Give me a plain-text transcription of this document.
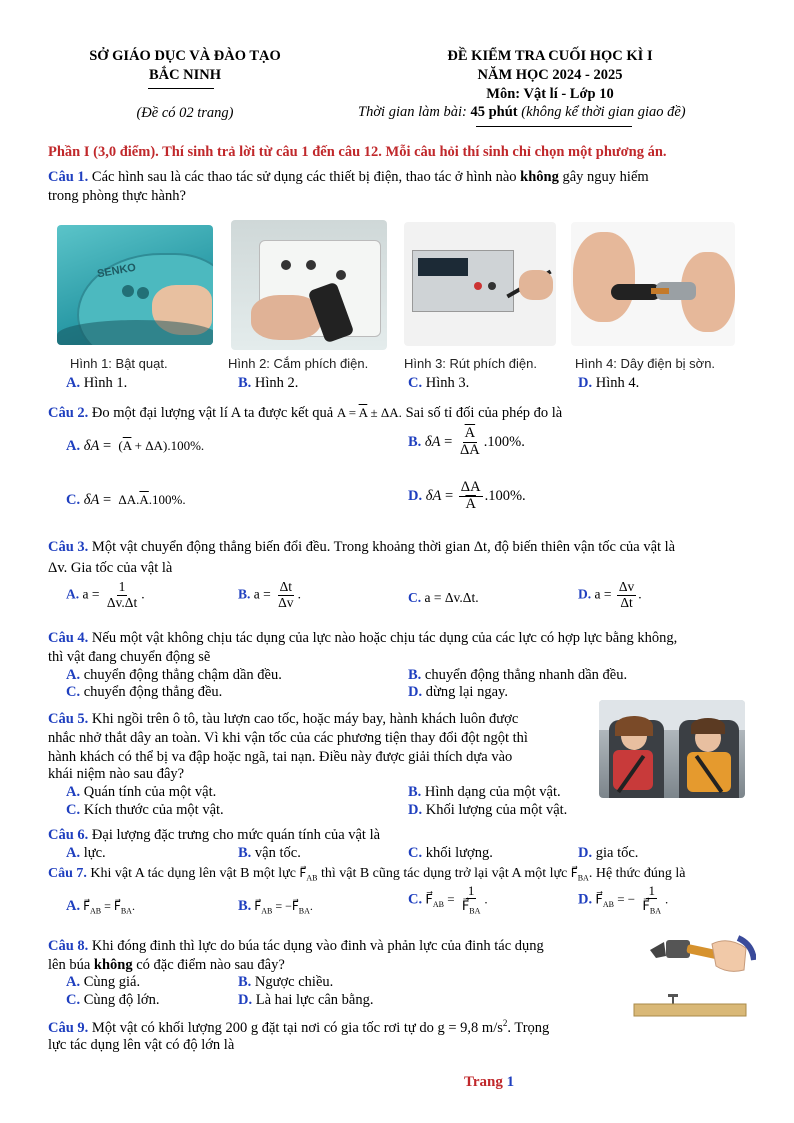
SỞ GIÁO DỤC VÀ ĐÀO TẠO
BẮC NINH
(Đề có 02 trang)
ĐỀ KIỂM TRA CUỐI HỌC KÌ I
NĂM HỌC 2024 - 2025
Môn: Vật lí - Lớp 10
Thời gian làm bài: 45 phút (không kể thời gian giao đề)
Phần I (3,0 điểm). Thí sinh trả lời từ câu 1 đến câu 12. Mỗi câu hỏi thí sinh chỉ chọn một phương án.
Câu 1. Các hình sau là các thao tác sử dụng các thiết bị điện, thao tác ở hình nào không gây nguy hiểm
trong phòng thực hành?
SENKO
Hình 1: Bật quạt.	Hình 2: Cắm phích điện.	Hình 3: Rút phích điện.	Hình 4: Dây điện bị sờn.
A. Hình 1.	B. Hình 2.	C. Hình 3.	D. Hình 4.
Câu 2. Đo một đại lượng vật lí A ta được kết quả $A = \overline{A} \pm \Delta A$. Sai số tỉ đối của phép đo là
A. $\delta A = (\overline{A} + \Delta A).100\%$.	B. $\delta A = \frac{\overline{A}}{\Delta A} .100\%$.
C. $\delta A = \Delta A.\overline{A}.100\%$.	D. $\delta A = \frac{\Delta A}{A} .100\%$.
Câu 3. Một vật chuyển động thẳng biến đổi đều. Trong khoảng thời gian Δt, độ biến thiên vận tốc của vật là
Δv. Gia tốc của vật là
A. $a = \frac{1}{\Delta v.\Delta t}$ .	B. $a = \frac{\Delta t}{\Delta v}$ .	C. a = Δv.Δt.	D. $a = \frac{\Delta v}{\Delta t}$ .
Câu 4. Nếu một vật không chịu tác dụng của lực nào hoặc chịu tác dụng của các lực có hợp lực bằng không,
thì vật đang chuyển động sẽ
A. chuyển động thẳng chậm dần đều.	B. chuyển động thẳng nhanh dần đều.
C. chuyển động thẳng đều.	D. dừng lại ngay.
Câu 5. Khi ngồi trên ô tô, tàu lượn cao tốc, hoặc máy bay, hành khách luôn được
nhắc nhở thắt dây an toàn. Vì khi vận tốc của các phương tiện thay đổi đột ngột thì
hành khách có thể bị va đập hoặc ngã, tai nạn. Điều này được giải thích dựa vào
khái niệm nào sau đây?
A. Quán tính của một vật.	B. Hình dạng của một vật.
C. Kích thước của một vật.	D. Khối lượng của một vật.
Câu 6. Đại lượng đặc trưng cho mức quán tính của vật là
A. lực.	B. vận tốc.	C. khối lượng.	D. gia tốc.
Câu 7. Khi vật A tác dụng lên vật B một lực $F⃗_{AB}$ thì vật B cũng tác dụng trở lại vật A một lực $F⃗_{BA}$. Hệ thức đúng là
A. $F⃗_{AB}$ = $F⃗_{BA}$.	B. $F⃗_{AB}$ = $-F⃗_{BA}$.	C. $F⃗_{AB} = \frac{1}{F⃗_{BA}}$ .	D. $F⃗_{AB}$ = − $\frac{1}{F⃗_{BA}}$ .
Câu 8. Khi đóng đinh thì lực do búa tác dụng vào đinh và phản lực của đinh tác dụng
lên búa không có đặc điểm nào sau đây?
A. Cùng giá.	B. Ngược chiều.
C. Cùng độ lớn.	D. Là hai lực cân bằng.
Câu 9. Một vật có khối lượng 200 g đặt tại nơi có gia tốc rơi tự do g = 9,8 $m/s^2$. Trọng
lực tác dụng lên vật có độ lớn là
Trang 1
